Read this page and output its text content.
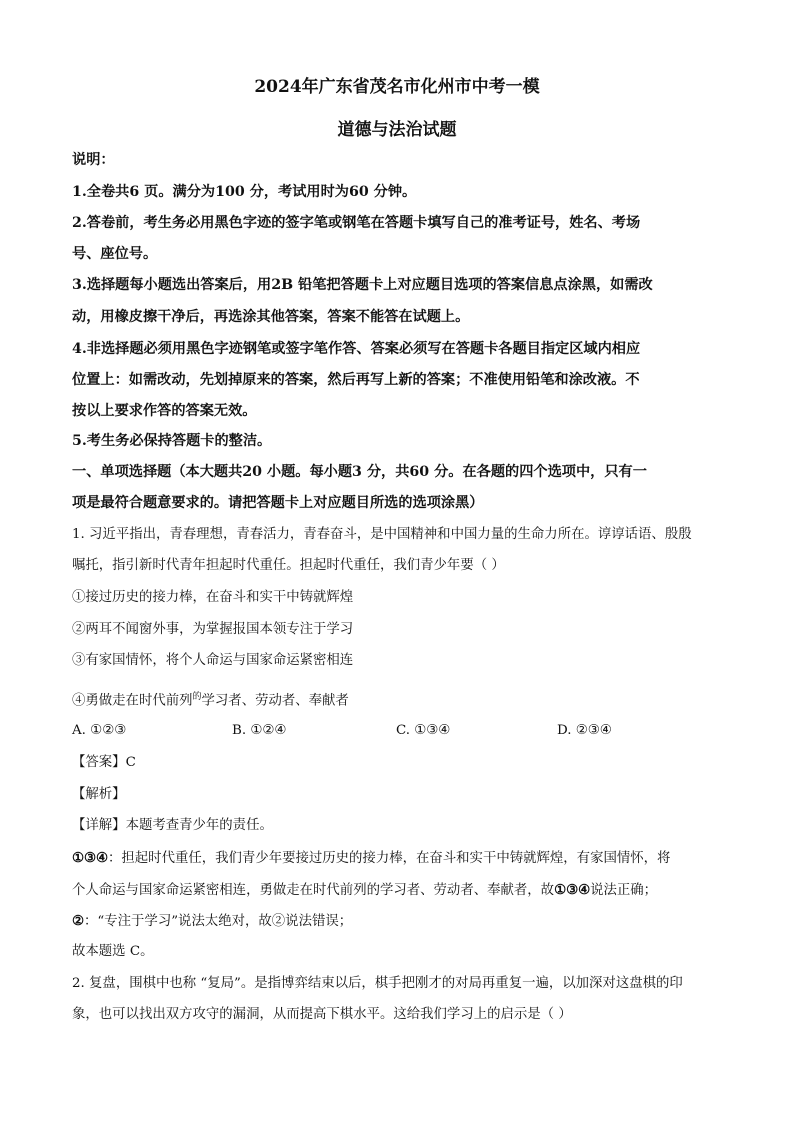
2024年广东省茂名市化州市中考一模
道德与法治试题
说明：
1.全卷共6 页。满分为100 分，考试用时为60 分钟。
2.答卷前，考生务必用黑色字迹的签字笔或钢笔在答题卡填写自己的准考证号，姓名、考场
号、座位号。
3.选择题每小题选出答案后，用2B 铅笔把答题卡上对应题目选项的答案信息点涂黑，如需改
动，用橡皮擦干净后，再选涂其他答案，答案不能答在试题上。
4.非选择题必须用黑色字迹钢笔或签字笔作答、答案必须写在答题卡各题目指定区域内相应
位置上：如需改动，先划掉原来的答案，然后再写上新的答案；不准使用铅笔和涂改液。不
按以上要求作答的答案无效。
5.考生务必保持答题卡的整洁。
一、单项选择题（本大题共20 小题。每小题3 分，共60 分。在各题的四个选项中，只有一
项是最符合题意要求的。请把答题卡上对应题目所选的选项涂黑）
1. 习近平指出，青春理想，青春活力，青春奋斗，是中国精神和中国力量的生命力所在。谆谆话语、殷殷
嘱托，指引新时代青年担起时代重任。担起时代重任，我们青少年要（ ）
①接过历史的接力棒，在奋斗和实干中铸就辉煌
②两耳不闻窗外事，为掌握报国本领专注于学习
③有家国情怀，将个人命运与国家命运紧密相连
④勇做走在时代前列$^的$学习者、劳动者、奉献者
A. ①②③	B. ①②④	C. ①③④	D. ②③④
【答案】C
【解析】
【详解】本题考查青少年的责任。
①③④：担起时代重任，我们青少年要接过历史的接力棒，在奋斗和实干中铸就辉煌，有家国情怀，将
个人命运与国家命运紧密相连，勇做走在时代前列的学习者、劳动者、奉献者，故①③④说法正确；
②：“专注于学习”说法太绝对，故②说法错误；
故本题选 C。
2. 复盘，围棋中也称 “复局”。是指博弈结束以后，棋手把刚才的对局再重复一遍，以加深对这盘棋的印
象，也可以找出双方攻守的漏洞，从而提高下棋水平。这给我们学习上的启示是（ ）
